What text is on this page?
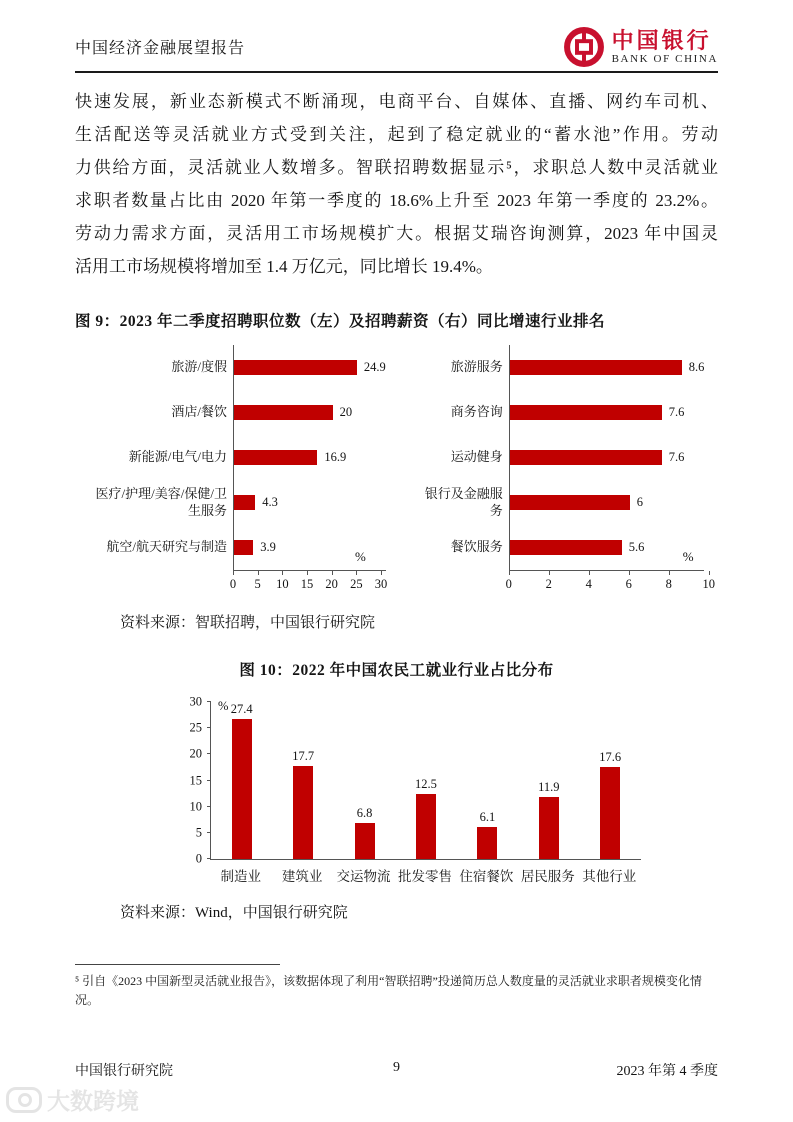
中国经济金融展望报告	中国银行
BANK OF CHINA
快速发展，新业态新模式不断涌现，电商平台、自媒体、直播、网约车司机、
生活配送等灵活就业方式受到关注，起到了稳定就业的“蓄水池”作用。劳动
力供给方面，灵活就业人数增多。智联招聘数据显示⁵，求职总人数中灵活就业
求职者数量占比由 2020 年第一季度的 18.6%上升至 2023 年第一季度的 23.2%。
劳动力需求方面，灵活用工市场规模扩大。根据艾瑞咨询测算，2023 年中国灵
活用工市场规模将增加至 1.4 万亿元，同比增长 19.4%。
图 9：2023 年二季度招聘职位数（左）及招聘薪资（右）同比增速行业排名
旅游/度假	24.9
酒店/餐饮	20
新能源/电气/电力	16.9
医疗/护理/美容/保健/卫生服务
4.3
航空/航天研究与制造	3.9
0 5 10 15 20 25 30
%
旅游服务	8.6
商务咨询	7.6
运动健身	7.6
银行及金融服务
6
餐饮服务	5.6
0	2	4	6	8 10
%
资料来源：智联招聘，中国银行研究院
图 10：2022 年中国农民工就业行业占比分布
27.4
17.7
6.8
12.5
6.1
11.9
17.6
0
5
10
15
20
25
30 %
制造业	建筑业	交运物流 批发零售 住宿餐饮 居民服务 其他行业
资料来源：Wind，中国银行研究院
⁵ 引自《2023 中国新型灵活就业报告》，该数据体现了利用“智联招聘”投递简历总人数度量的灵活就业求职者规模变化情况。
中国银行研究院	9	2023 年第 4 季度
大数跨境
